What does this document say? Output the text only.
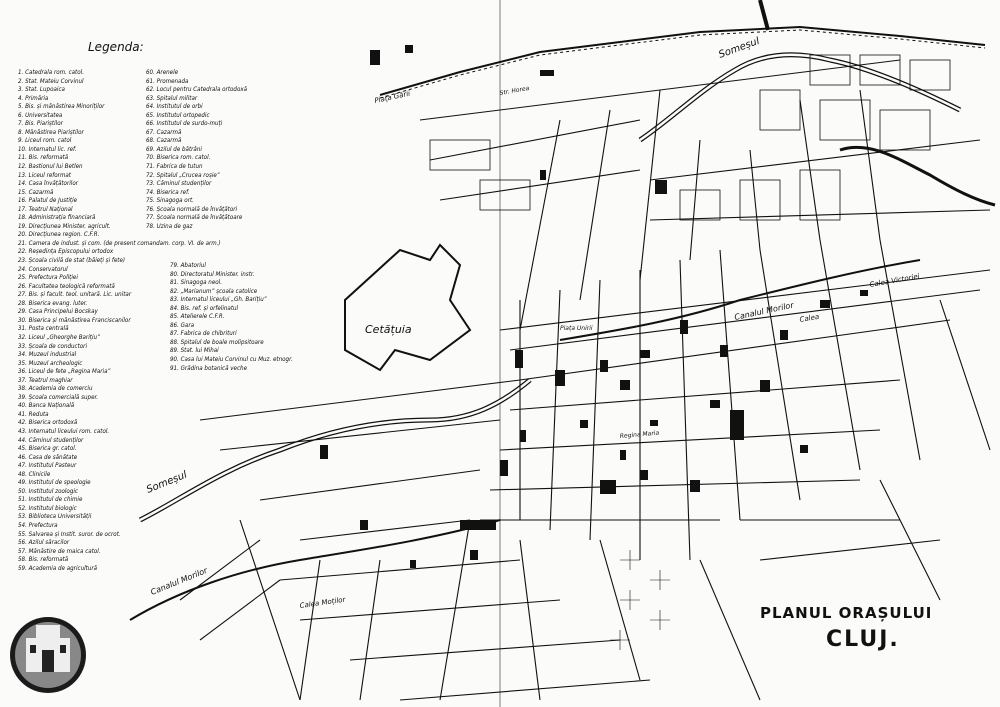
Someșul
Someșul
Cetățuia
Piața Gării
Canalul Morilor
Canalul Morilor
Calea Victoriei
Calea Moților
Piața Unirii
Regina Maria
Calea
Str. Horea
Legenda:
1. Catedrala rom. catol.
2. Stat. Mateiu Corvinul
3. Stat. Lupoaica
4. Primăria
5. Bis. și mănăstirea Minoriților
6. Universitatea
7. Bis. Piariștilor
8. Mănăstirea Piariștilor
9. Liceul rom. catol
10. Internatul lic. ref.
11. Bis. reformată
12. Bastionul lui Betlen
13. Liceul reformat
14. Casa învățătorilor
15. Cazarmă
16. Palatul de Justiție
17. Teatrul Național
18. Administrația financiară
19. Direcțiunea Minister. agricult.
20. Direcțiunea region. C.F.R.
21. Camera de indust. și com. (de present comandam. corp. VI. de arm.)
22. Reședința Episcopului ortodox
23. Școala civilă de stat (băieți și fete)
24. Conservatorul
25. Prefectura Poliției
26. Facultatea teologică reformată
27. Bis. și facult. teol. unitară. Lic. unitar
28. Biserica evang. luter.
29. Casa Principelui Bocskay
30. Biserica și mănăstirea Franciscanilor
31. Posta centrală
32. Liceul „Gheorghe Barițiu”
33. Școala de conductori
34. Muzeul industrial
35. Muzeul archeologic
36. Liceul de fete „Regina Maria”
37. Teatrul maghiar
38. Academia de comerciu
39. Școala comercială super.
40. Banca Națională
41. Reduta
42. Biserica ortodoxă
43. Internatul liceului rom. catol.
44. Căminul studenților
45. Biserica gr. catol.
46. Casa de sănătate
47. Institutul Pasteur
48. Clinicile
49. Institutul de speologie
50. Institutul zoologic
51. Institutul de chimie
52. Institutul biologic
53. Biblioteca Universității
54. Prefectura
55. Salvarea și Instit. suror. de ocrot.
56. Azilul săracilor
57. Mănăstire de maica catol.
58. Bis. reformată
59. Academia de agricultură
60. Arenele
61. Promenada
62. Locul pentru Catedrala ortodoxă
63. Spitalul militar
64. Institutul de orbi
65. Institutul ortopedic
66. Institutul de surdo-muți
67. Cazarmă
68. Cazarmă
69. Azilul de bătrâni
70. Biserica rom. catol.
71. Fabrica de tutun
72. Spitalul „Crucea roșie”
73. Căminul studenților
74. Biserica ref.
75. Sinagoga ort.
76. Școala normală de învățători
77. Școala normală de învățătoare
78. Uzina de gaz
79. Abatoriul
80. Directoratul Minister. instr.
81. Sinagoga neol.
82. „Marianum” școala catolice
83. Internatul liceului „Gh. Barițiu”
84. Bis. ref. și orfelinatul
85. Atelierele C.F.R.
86. Gara
87. Fabrica de chibrituri
88. Spitalul de boale molipsitoare
89. Stat. lui Mihai
90. Casa lui Mateiu Corvinul cu Muz. etnogr.
91. Grădina botanică veche
PLANUL ORAȘULUI
CLUJ.
